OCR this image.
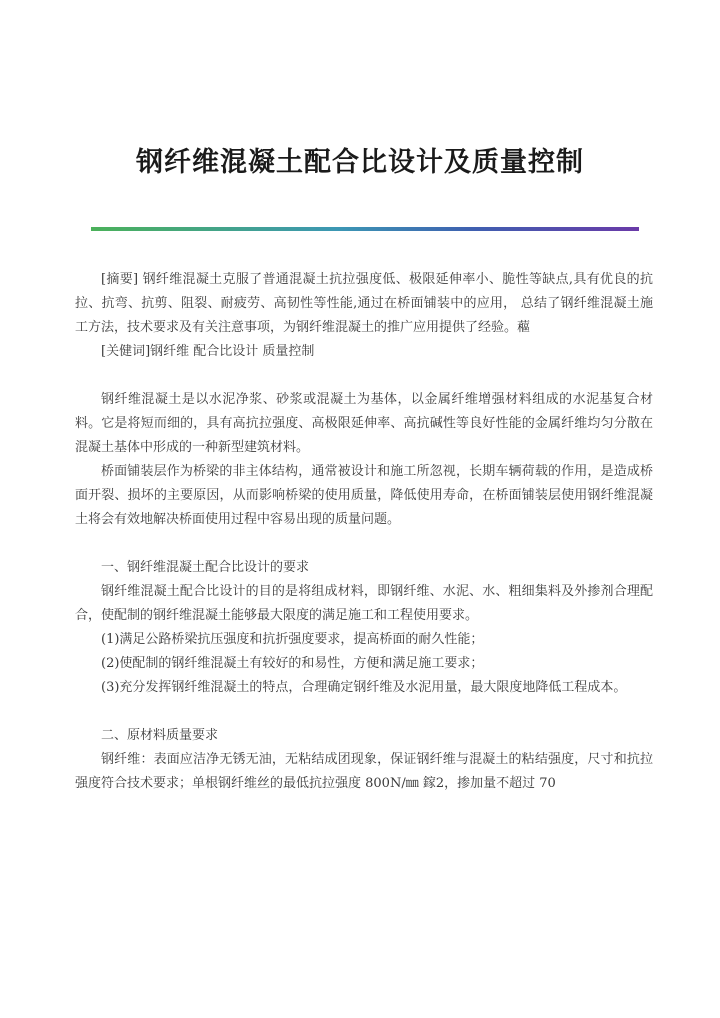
钢纤维混凝土配合比设计及质量控制

[摘要] 钢纤维混凝土克服了普通混凝土抗拉强度低、极限延伸率小、脆性等缺点,具有优良的抗拉、抗弯、抗剪、阻裂、耐疲劳、高韧性等性能,通过在桥面铺装中的应用， 总结了钢纤维混凝土施工方法，技术要求及有关注意事项，为钢纤维混凝土的推广应用提供了经验。藲

[关健词]钢纤维 配合比设计 质量控制

钢纤维混凝土是以水泥净浆、砂浆或混凝土为基体，以金属纤维增强材料组成的水泥基复合材料。它是将短而细的，具有高抗拉强度、高极限延伸率、高抗碱性等良好性能的金属纤维均匀分散在混凝土基体中形成的一种新型建筑材料。

桥面铺装层作为桥梁的非主体结构，通常被设计和施工所忽视，长期车辆荷载的作用，是造成桥面开裂、损坏的主要原因，从而影响桥梁的使用质量，降低使用寿命，在桥面铺装层使用钢纤维混凝土将会有效地解决桥面使用过程中容易出现的质量问题。

一、钢纤维混凝土配合比设计的要求

钢纤维混凝土配合比设计的目的是将组成材料，即钢纤维、水泥、水、粗细集料及外掺剂合理配合，使配制的钢纤维混凝土能够最大限度的满足施工和工程使用要求。

(1)满足公路桥梁抗压强度和抗折强度要求，提高桥面的耐久性能；

(2)使配制的钢纤维混凝土有较好的和易性，方便和满足施工要求；

(3)充分发挥钢纤维混凝土的特点，合理确定钢纤维及水泥用量，最大限度地降低工程成本。

二、原材料质量要求

钢纤维：表面应洁净无锈无油，无粘结成团现象，保证钢纤维与混凝土的粘结强度，尺寸和抗拉强度符合技术要求；单根钢纤维丝的最低抗拉强度 800N/㎜ 鎵2，掺加量不超过 70
